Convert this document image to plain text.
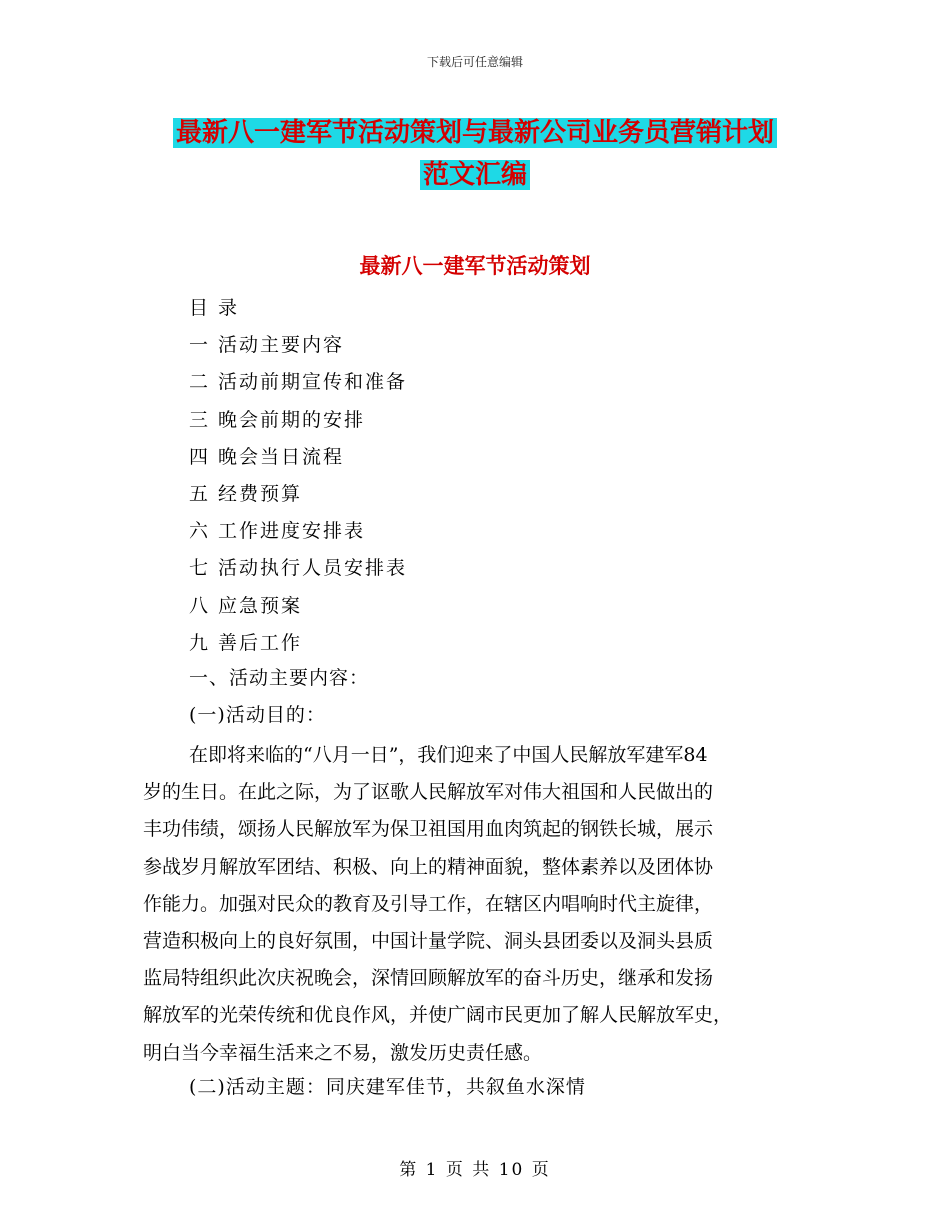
下载后可任意编辑
最新八一建军节活动策划与最新公司业务员营销计划
范文汇编
最新八一建军节活动策划
目 录
一 活动主要内容
二 活动前期宣传和准备
三 晚会前期的安排
四 晚会当日流程
五 经费预算
六 工作进度安排表
七 活动执行人员安排表
八 应急预案
九 善后工作
一、活动主要内容：
(一)活动目的：
在即将来临的“八月一日”，我们迎来了中国人民解放军建军84
岁的生日。在此之际，为了讴歌人民解放军对伟大祖国和人民做出的
丰功伟绩，颂扬人民解放军为保卫祖国用血肉筑起的钢铁长城，展示
参战岁月解放军团结、积极、向上的精神面貌，整体素养以及团体协
作能力。加强对民众的教育及引导工作，在辖区内唱响时代主旋律，
营造积极向上的良好氛围，中国计量学院、洞头县团委以及洞头县质
监局特组织此次庆祝晚会，深情回顾解放军的奋斗历史，继承和发扬
解放军的光荣传统和优良作风，并使广阔市民更加了解人民解放军史，
明白当今幸福生活来之不易，激发历史责任感。
(二)活动主题：同庆建军佳节，共叙鱼水深情
第 1 页 共 10 页
